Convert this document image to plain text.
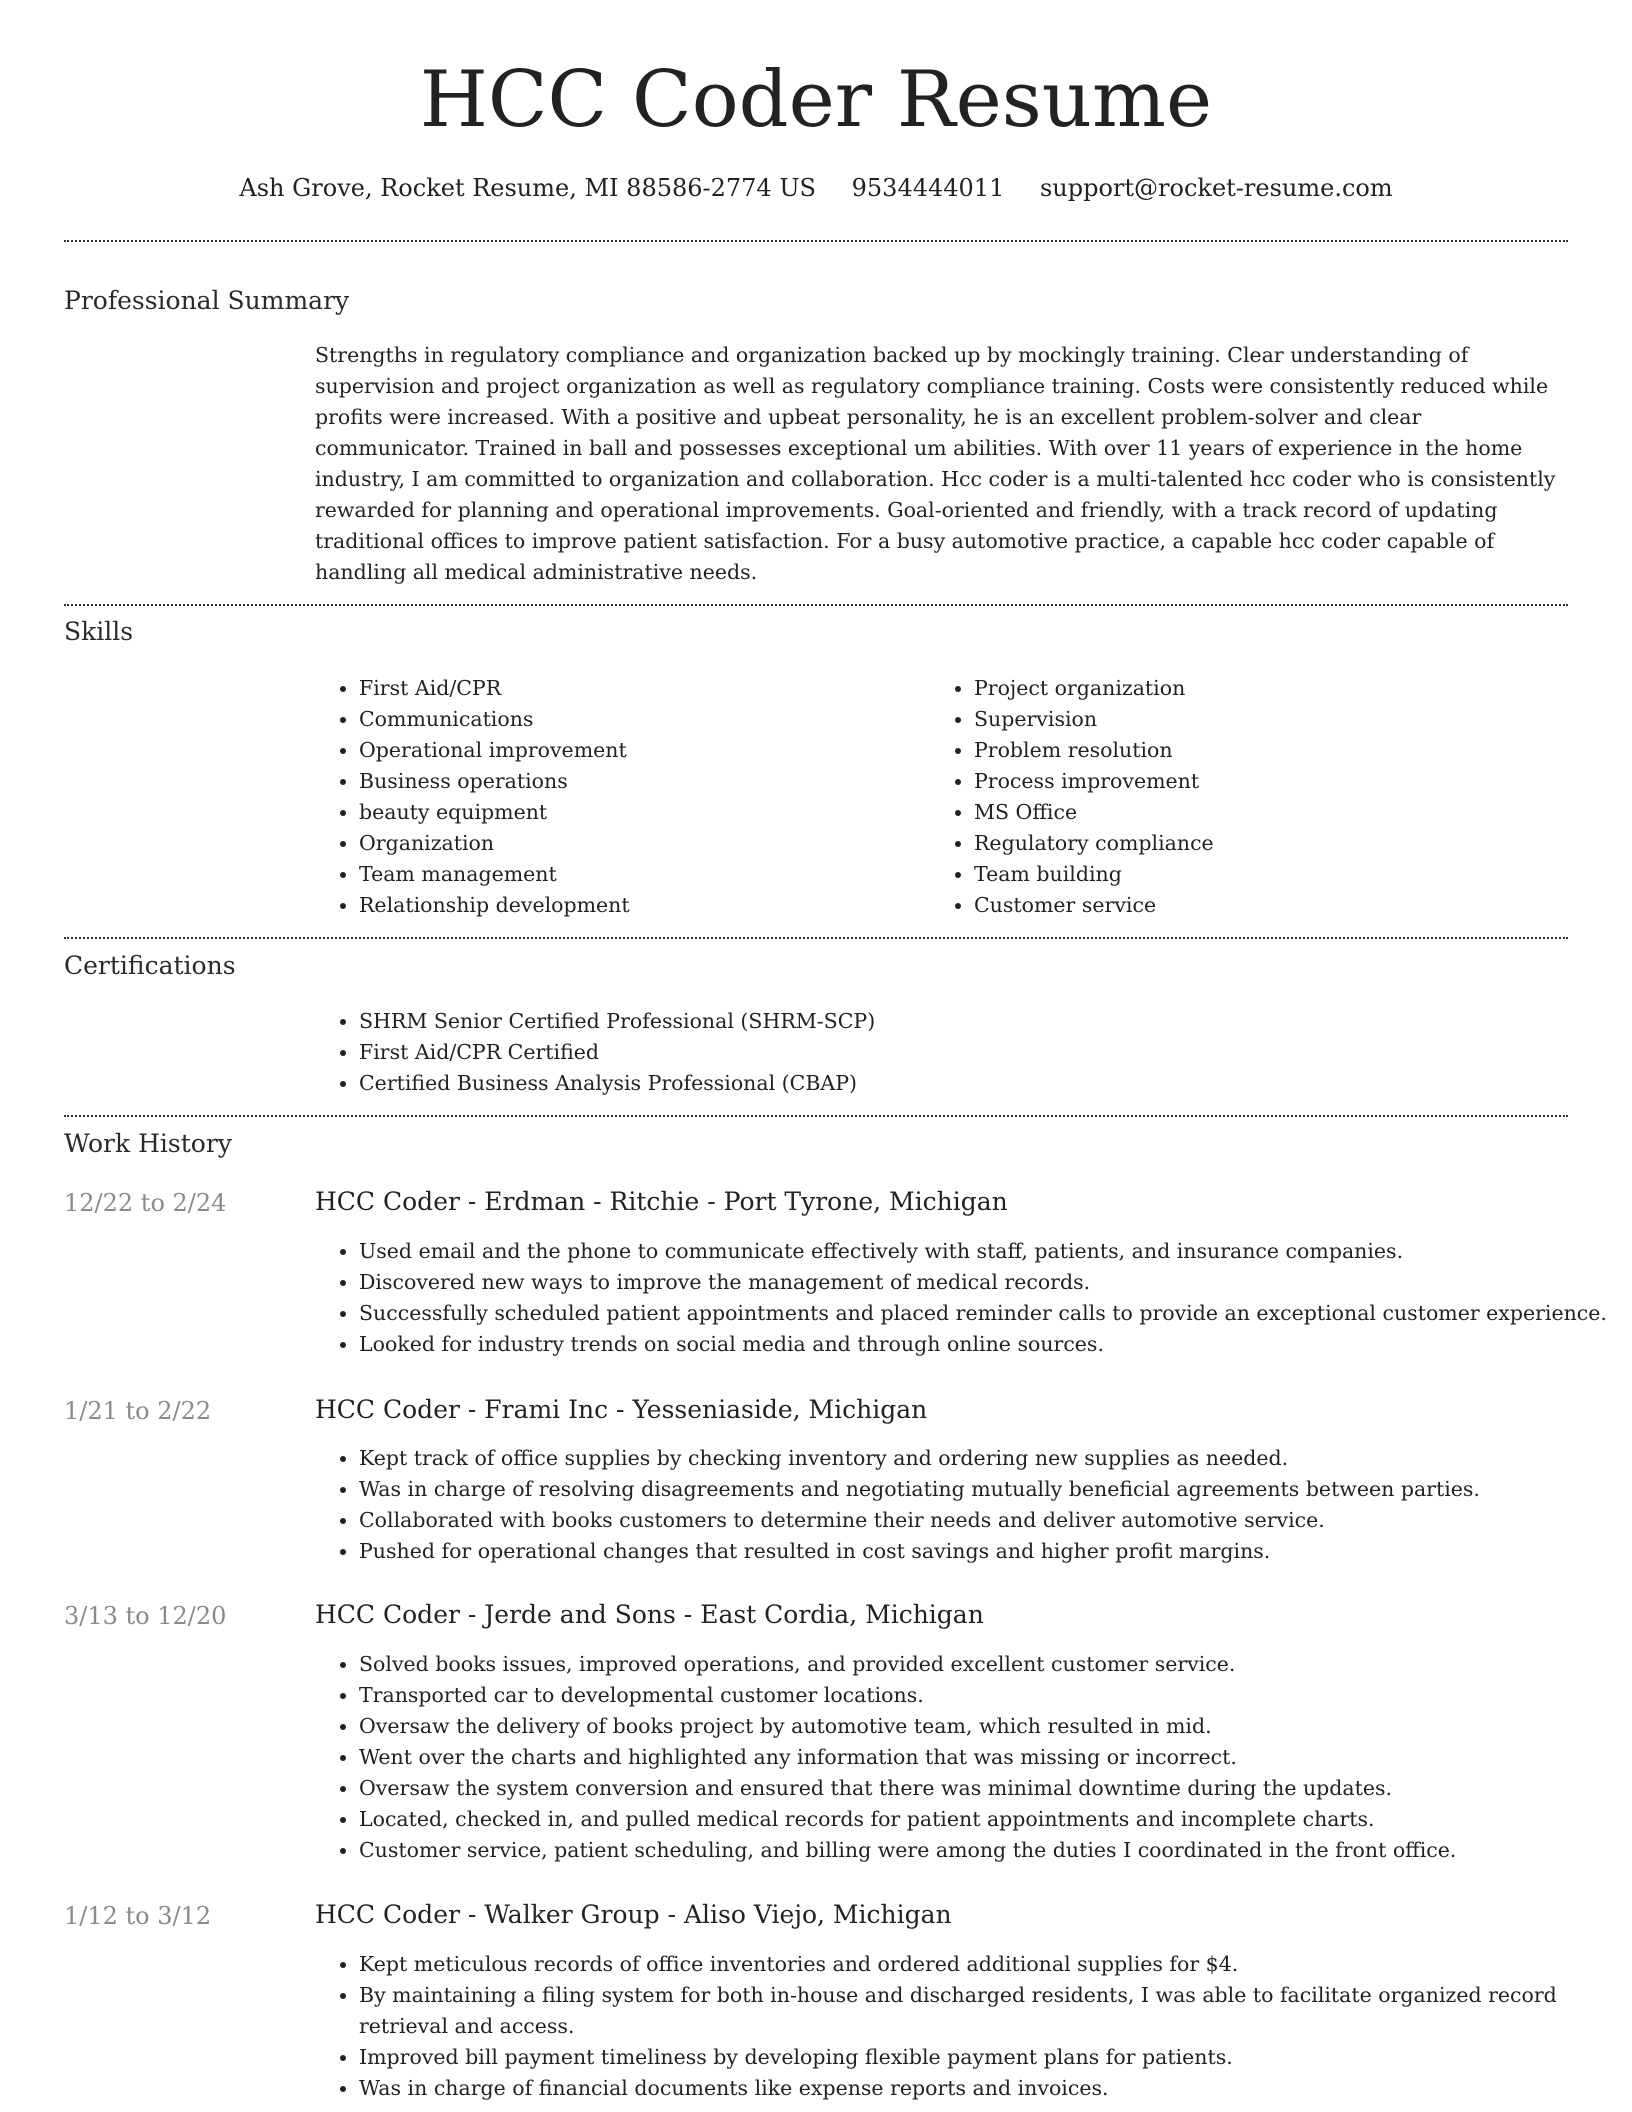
HCC Coder Resume
Ash Grove, Rocket Resume, MI 88586-2774 US 9534444011 support@rocket-resume.com
Professional Summary
Strengths in regulatory compliance and organization backed up by mockingly training. Clear understanding of supervision and project organization as well as regulatory compliance training. Costs were consistently reduced while profits were increased. With a positive and upbeat personality, he is an excellent problem-solver and clear communicator. Trained in ball and possesses exceptional um abilities. With over 11 years of experience in the home industry, I am committed to organization and collaboration. Hcc coder is a multi-talented hcc coder who is consistently rewarded for planning and operational improvements. Goal-oriented and friendly, with a track record of updating traditional offices to improve patient satisfaction. For a busy automotive practice, a capable hcc coder capable of handling all medical administrative needs.
Skills
• First Aid/CPR
• Communications
• Operational improvement
• Business operations
• beauty equipment
• Organization
• Team management
• Relationship development
• Project organization
• Supervision
• Problem resolution
• Process improvement
• MS Office
• Regulatory compliance
• Team building
• Customer service
Certifications
• SHRM Senior Certified Professional (SHRM-SCP)
• First Aid/CPR Certified
• Certified Business Analysis Professional (CBAP)
Work History
12/22 to 2/24	HCC Coder - Erdman - Ritchie - Port Tyrone, Michigan
• Used email and the phone to communicate effectively with staff, patients, and insurance companies.
• Discovered new ways to improve the management of medical records.
• Successfully scheduled patient appointments and placed reminder calls to provide an exceptional customer experience.
• Looked for industry trends on social media and through online sources.
1/21 to 2/22	HCC Coder - Frami Inc - Yesseniaside, Michigan
• Kept track of office supplies by checking inventory and ordering new supplies as needed.
• Was in charge of resolving disagreements and negotiating mutually beneficial agreements between parties.
• Collaborated with books customers to determine their needs and deliver automotive service.
• Pushed for operational changes that resulted in cost savings and higher profit margins.
3/13 to 12/20	HCC Coder - Jerde and Sons - East Cordia, Michigan
• Solved books issues, improved operations, and provided excellent customer service.
• Transported car to developmental customer locations.
• Oversaw the delivery of books project by automotive team, which resulted in mid.
• Went over the charts and highlighted any information that was missing or incorrect.
• Oversaw the system conversion and ensured that there was minimal downtime during the updates.
• Located, checked in, and pulled medical records for patient appointments and incomplete charts.
• Customer service, patient scheduling, and billing were among the duties I coordinated in the front office.
1/12 to 3/12	HCC Coder - Walker Group - Aliso Viejo, Michigan
• Kept meticulous records of office inventories and ordered additional supplies for $4.
• By maintaining a filing system for both in-house and discharged residents, I was able to facilitate organized record retrieval and access.
• Improved bill payment timeliness by developing flexible payment plans for patients.
• Was in charge of financial documents like expense reports and invoices.
